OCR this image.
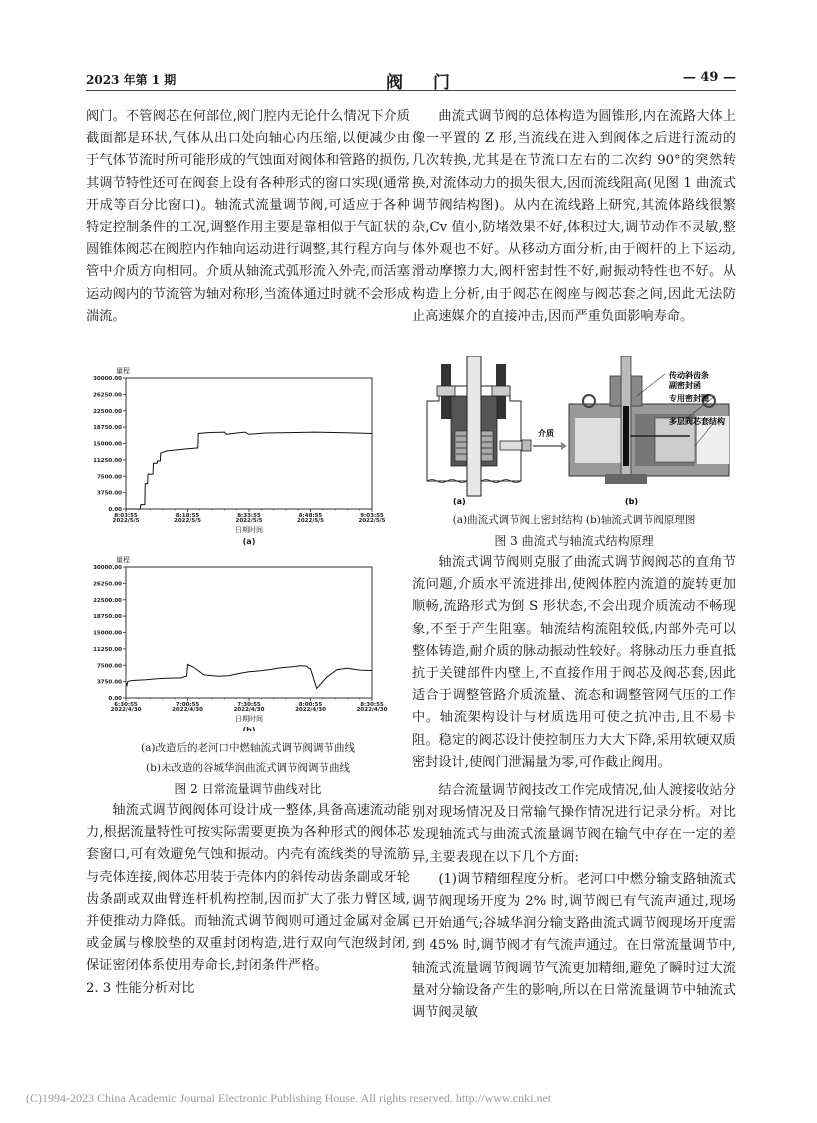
2023 年第 1 期	阀门	— 49 —

阀门。不管阀芯在何部位,阀门腔内无论什么情况下介质截面都是环状,气体从出口处向轴心内压缩,以便减少由于气体节流时所可能形成的气蚀面对阀体和管路的损伤,其调节特性还可在阀套上设有各种形式的窗口实现(通常开成等百分比窗口)。轴流式流量调节阀,可适应于各种特定控制条件的工况,调整作用主要是靠相似于气缸状的圆锥体阀芯在阀腔内作轴向运动进行调整,其行程方向与管中介质方向相同。介质从轴流式弧形流入外壳,而活塞运动阀内的节流管为轴对称形,当流体通过时就不会形成湍流。

量程
0.00
3750.00
7500.00
11250.00
15000.00
18750.00
22500.00
26250.00
30000.00
8:03:55
2022/5/5
8:18:55
2022/5/5
8:33:55
2022/5/5
8:48:55
2022/5/5
9:03:55
2022/5/5
日期时间
(a)
量程
0.00
3750.00
7500.00
11250.00
15000.00
18750.00
22500.00
26250.00
30000.00
6:30:55
2022/4/30
7:00:55
2022/4/30
7:30:55
2022/4/30
8:00:55
2022/4/30
8:30:55
2022/4/30
日期时间
(b)
(a)改造后的老河口中燃轴流式调节阀调节曲线
(b)未改造的谷城华润曲流式调节阀调节曲线
图 2 日常流量调节曲线对比

轴流式调节阀阀体可设计成一整体,具备高速流动能力,根据流量特性可按实际需要更换为各种形式的阀体芯套窗口,可有效避免气蚀和振动。内壳有流线类的导流筋与壳体连接,阀体芯用装于壳体内的斜传动齿条副或牙轮齿条副或双曲臂连杆机构控制,因而扩大了张力臂区域,并使推动力降低。而轴流式调节阀则可通过金属对金属或金属与橡胶垫的双重封闭构造,进行双向气泡级封闭,保证密闭体系使用寿命长,封闭条件严格。

2. 3 性能分析对比

曲流式调节阀的总体构造为圆锥形,内在流路大体上像一平置的 Z 形,当流线在进入到阀体之后进行流动的几次转换,尤其是在节流口左右的二次约 90°的突然转换,对流体动力的损失很大,因而流线阻高(见图 1 曲流式调节阀结构图)。从内在流线路上研究,其流体路线很繁杂,Cv 值小,防堵效果不好,体积过大,调节动作不灵敏,整体外观也不好。从移动方面分析,由于阀杆的上下运动,滑动摩擦力大,阀杆密封性不好,耐振动特性也不好。从构造上分析,由于阀芯在阀座与阀芯套之间,因此无法防止高速媒介的直接冲击,因而严重负面影响寿命。

(a)
介质
(b)
传动斜齿条
副密封函
专用密封圈
多层阀芯套结构
(a)曲流式调节阀上密封结构 (b)轴流式调节阀原理图
图 3 曲流式与轴流式结构原理

轴流式调节阀则克服了曲流式调节阀阀芯的直角节流问题,介质水平流进排出,使阀体腔内流道的旋转更加顺畅,流路形式为倒 S 形状态,不会出现介质流动不畅现象,不至于产生阻塞。轴流结构流阻较低,内部外壳可以整体铸造,耐介质的脉动振动性较好。将脉动压力垂直抵抗于关键部件内壁上,不直接作用于阀芯及阀芯套,因此适合于调整管路介质流量、流态和调整管网气压的工作中。轴流架构设计与材质选用可使之抗冲击,且不易卡阻。稳定的阀芯设计使控制压力大大下降,采用软硬双质密封设计,使阀门泄漏量为零,可作截止阀用。

结合流量调节阀技改工作完成情况,仙人渡接收站分别对现场情况及日常输气操作情况进行记录分析。对比发现轴流式与曲流式流量调节阀在输气中存在一定的差异,主要表现在以下几个方面:

(1)调节精细程度分析。老河口中燃分输支路轴流式调节阀现场开度为 2% 时,调节阀已有气流声通过,现场已开始通气;谷城华润分输支路曲流式调节阀现场开度需到 45% 时,调节阀才有气流声通过。在日常流量调节中,轴流式流量调节阀调节气流更加精细,避免了瞬时过大流量对分输设备产生的影响,所以在日常流量调节中轴流式调节阀灵敏

(C)1994-2023 China Academic Journal Electronic Publishing House. All rights reserved. http://www.cnki.net
